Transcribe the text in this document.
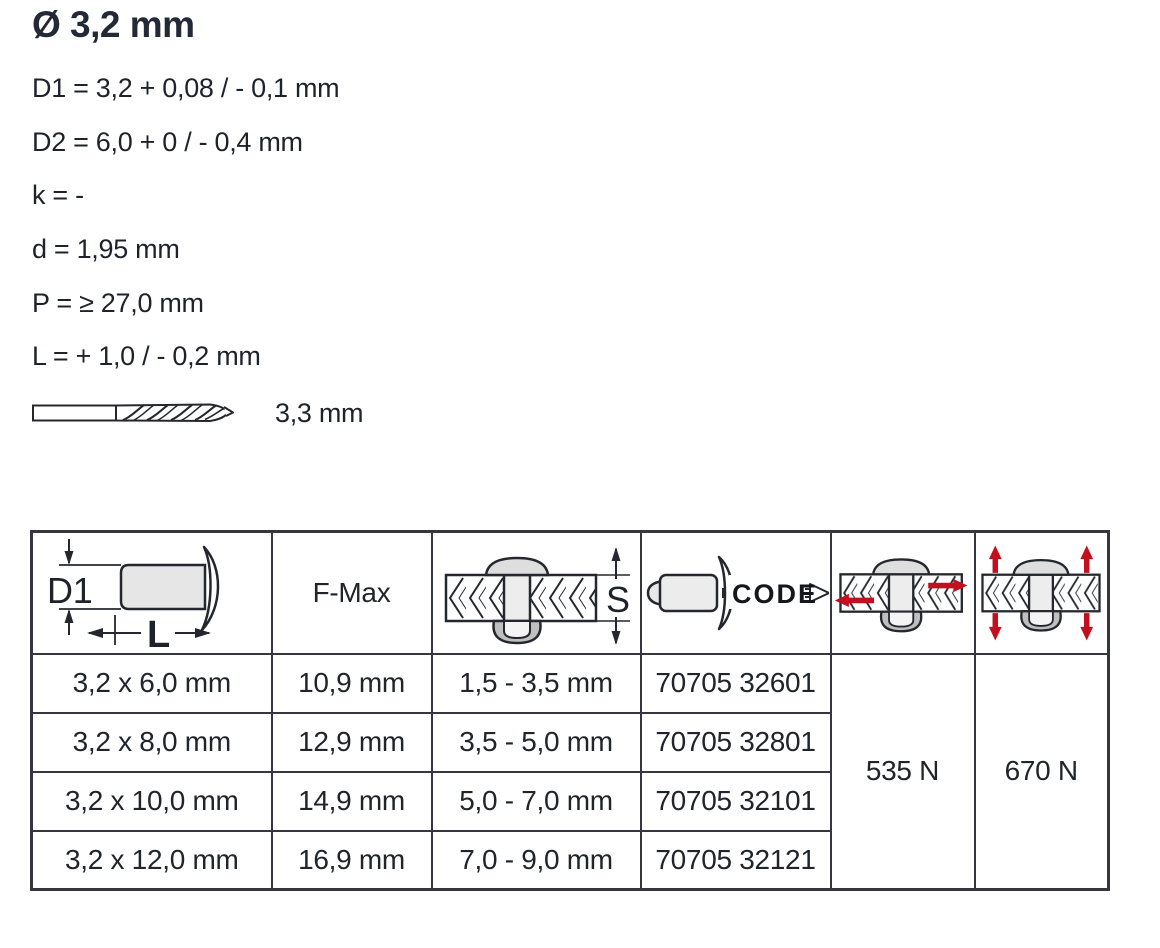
Ø 3,2 mm
D1 = 3,2 + 0,08 / - 0,1 mm
D2 = 6,0 + 0 / - 0,4 mm
k = -
d = 1,95 mm
P = ≥ 27,0 mm
L = + 1,0 / - 0,2 mm
3,3 mm
D1
L	F-Max	S	CODE

3,2 x 6,0 mm	10,9 mm	1,5 - 3,5 mm	70705 32601	535 N	670 N
3,2 x 8,0 mm	12,9 mm	3,5 - 5,0 mm	70705 32801		
3,2 x 10,0 mm	14,9 mm	5,0 - 7,0 mm	70705 32101		
3,2 x 12,0 mm	16,9 mm	7,0 - 9,0 mm	70705 32121		
